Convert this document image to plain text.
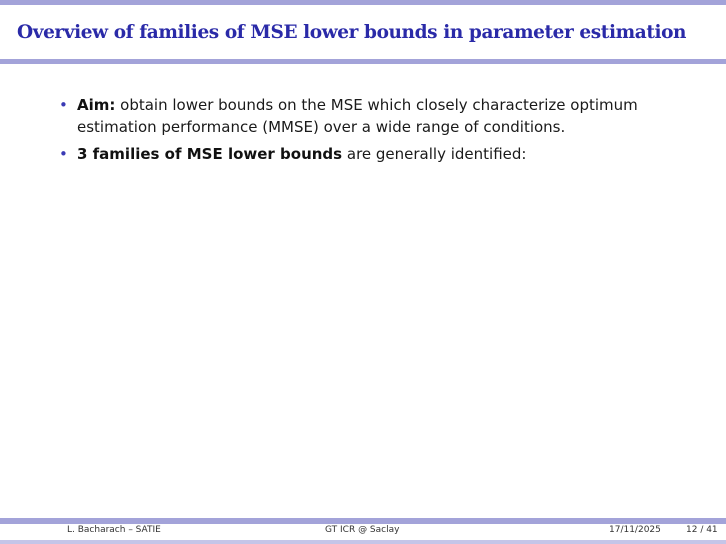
Overview of families of MSE lower bounds in parameter estimation
• Aim: obtain lower bounds on the MSE which closely characterize optimum estimation performance (MMSE) over a wide range of conditions.
• 3 families of MSE lower bounds are generally identified:
L. Bacharach – SATIE	GT ICR @ Saclay	17/11/2025	12 / 41
